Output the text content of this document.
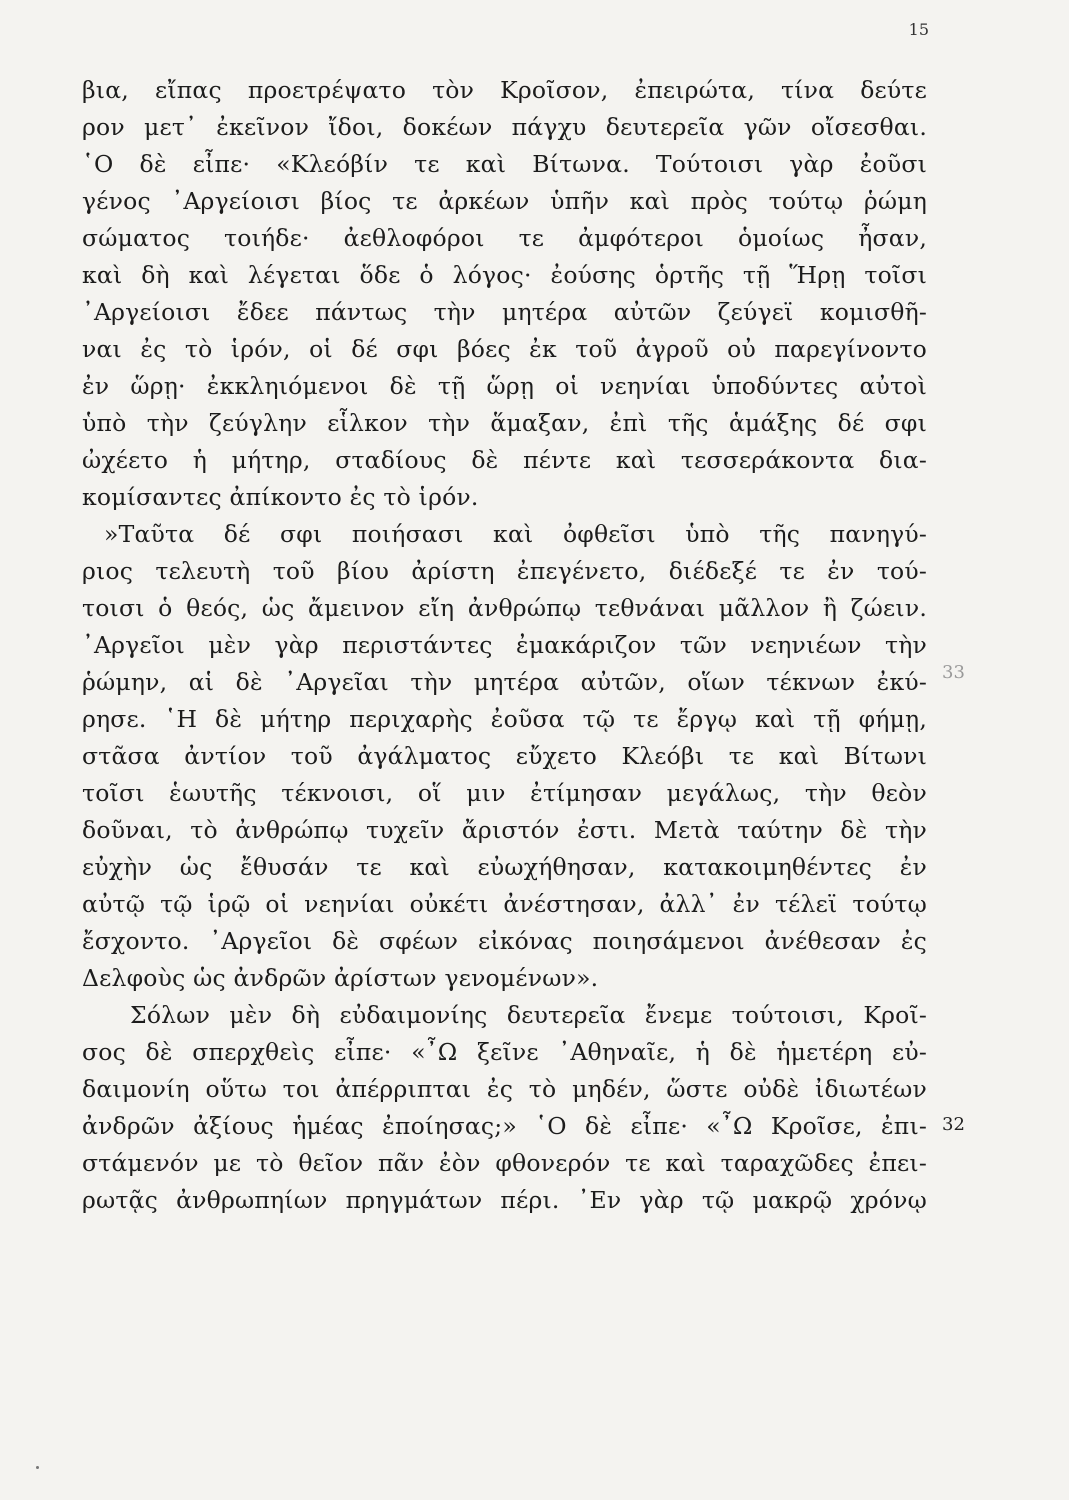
15
βια, εἴπας προετρέψατο τὸν Κροῖσον, ἐπειρώτα, τίνα δεύτε
ρον μετ᾽ ἐκεῖνον ἴδοι, δοκέων πάγχυ δευτερεῖα γῶν οἴσεσθαι.
῾Ο δὲ εἶπε· «Κλεόβίν τε καὶ Βίτωνα. Τούτοισι γὰρ ἐοῦσι
γένος ᾿Αργείοισι βίος τε ἀρκέων ὑπῆν καὶ πρὸς τούτῳ ῥώμη
σώματος τοιήδε· ἀεθλοφόροι τε ἀμφότεροι ὁμοίως ἦσαν,
καὶ δὴ καὶ λέγεται ὅδε ὁ λόγος· ἐούσης ὁρτῆς τῇ Ἥρῃ τοῖσι
᾿Αργείοισι ἔδεε πάντως τὴν μητέρα αὐτῶν ζεύγεϊ κομισθῆ-
ναι ἐς τὸ ἱρόν, οἱ δέ σφι βόες ἐκ τοῦ ἀγροῦ οὐ παρεγίνοντο
ἐν ὥρῃ· ἐκκληιόμενοι δὲ τῇ ὥρῃ οἱ νεηνίαι ὑποδύντες αὐτοὶ
ὑπὸ τὴν ζεύγλην εἷλκον τὴν ἅμαξαν, ἐπὶ τῆς ἁμάξης δέ σφι
ὠχέετο ἡ μήτηρ, σταδίους δὲ πέντε καὶ τεσσεράκοντα δια-
κομίσαντες ἀπίκοντο ἐς τὸ ἱρόν.
»Ταῦτα δέ σφι ποιήσασι καὶ ὀφθεῖσι ὑπὸ τῆς πανηγύ-
ριος τελευτὴ τοῦ βίου ἀρίστη ἐπεγένετο, διέδεξέ τε ἐν τού-
τοισι ὁ θεός, ὡς ἄμεινον εἴη ἀνθρώπῳ τεθνάναι μᾶλλον ἢ ζώειν.
᾿Αργεῖοι μὲν γὰρ περιστάντες ἐμακάριζον τῶν νεηνιέων τὴν
ῥώμην, αἱ δὲ ᾿Αργεῖαι τὴν μητέρα αὐτῶν, οἵων τέκνων ἐκύ-
ρησε. ῾Η δὲ μήτηρ περιχαρὴς ἐοῦσα τῷ τε ἔργῳ καὶ τῇ φήμῃ,
στᾶσα ἀντίον τοῦ ἀγάλματος εὔχετο Κλεόβι τε καὶ Βίτωνι
τοῖσι ἑωυτῆς τέκνοισι, οἵ μιν ἐτίμησαν μεγάλως, τὴν θεὸν
δοῦναι, τὸ ἀνθρώπῳ τυχεῖν ἄριστόν ἐστι. Μετὰ ταύτην δὲ τὴν
εὐχὴν ὡς ἔθυσάν τε καὶ εὐωχήθησαν, κατακοιμηθέντες ἐν
αὐτῷ τῷ ἱρῷ οἱ νεηνίαι οὐκέτι ἀνέστησαν, ἀλλ᾽ ἐν τέλεϊ τούτῳ
ἔσχοντο. ᾿Αργεῖοι δὲ σφέων εἰκόνας ποιησάμενοι ἀνέθεσαν ἐς
Δελφοὺς ὡς ἀνδρῶν ἀρίστων γενομένων».
Σόλων μὲν δὴ εὐδαιμονίης δευτερεῖα ἔνεμε τούτοισι, Κροῖ-
σος δὲ σπερχθεὶς εἶπε· «῏Ω ξεῖνε ᾿Αθηναῖε, ἡ δὲ ἡμετέρη εὐ-
δαιμονίη οὕτω τοι ἀπέρριπται ἐς τὸ μηδέν, ὥστε οὐδὲ ἰδιωτέων
ἀνδρῶν ἀξίους ἡμέας ἐποίησας;» ῾Ο δὲ εἶπε· «῏Ω Κροῖσε, ἐπι-
στάμενόν με τὸ θεῖον πᾶν ἐὸν φθονερόν τε καὶ ταραχῶδες ἐπει-
ρωτᾷς ἀνθρωπηίων πρηγμάτων πέρι. ᾿Εν γὰρ τῷ μακρῷ χρόνῳ
33
32
